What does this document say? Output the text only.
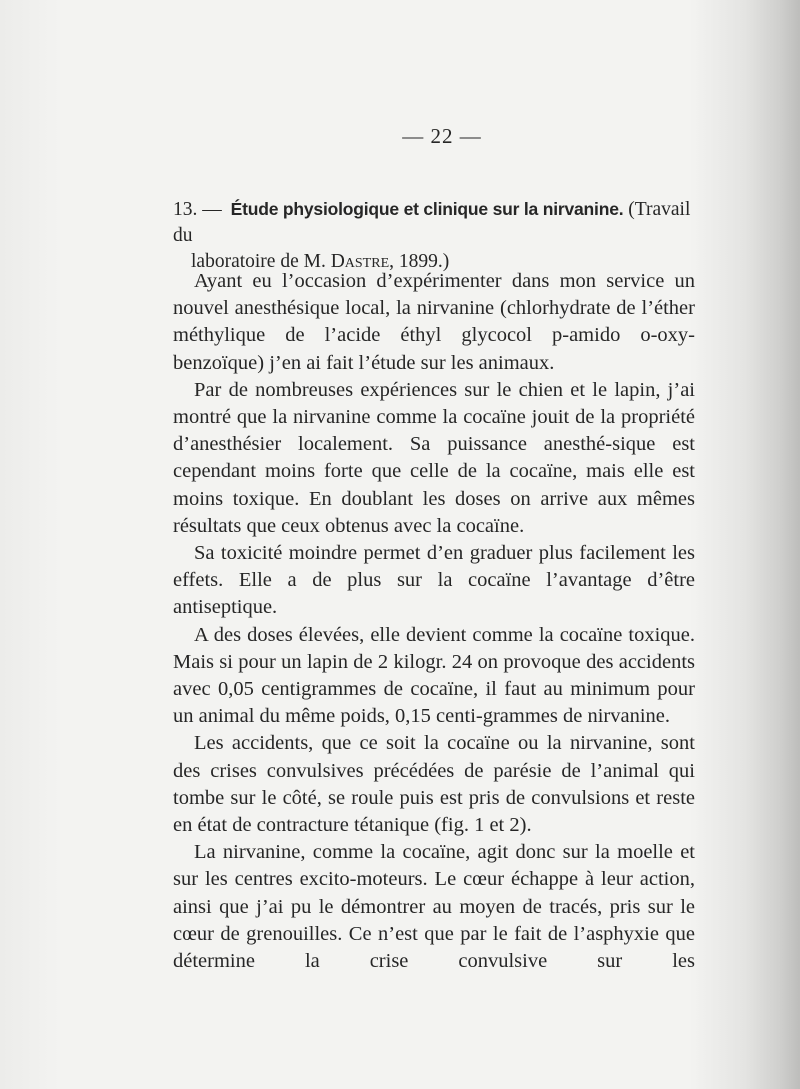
— 22 —
13. — Étude physiologique et clinique sur la nirvanine. (Travail du
laboratoire de M. Dastre, 1899.)

Ayant eu l’occasion d’expérimenter dans mon service un nouvel anesthésique local, la nirvanine (chlorhydrate de l’éther méthylique de l’acide éthyl glycocol p-amido o-oxy-benzoïque) j’en ai fait l’étude sur les animaux.

Par de nombreuses expériences sur le chien et le lapin, j’ai montré que la nirvanine comme la cocaïne jouit de la propriété d’anesthésier localement. Sa puissance anesthé-sique est cependant moins forte que celle de la cocaïne, mais elle est moins toxique. En doublant les doses on arrive aux mêmes résultats que ceux obtenus avec la cocaïne.

Sa toxicité moindre permet d’en graduer plus facilement les effets. Elle a de plus sur la cocaïne l’avantage d’être antiseptique.

A des doses élevées, elle devient comme la cocaïne toxique. Mais si pour un lapin de 2 kilogr. 24 on provoque des accidents avec 0,05 centigrammes de cocaïne, il faut au minimum pour un animal du même poids, 0,15 centi-grammes de nirvanine.

Les accidents, que ce soit la cocaïne ou la nirvanine, sont des crises convulsives précédées de parésie de l’animal qui tombe sur le côté, se roule puis est pris de convulsions et reste en état de contracture tétanique (fig. 1 et 2).

La nirvanine, comme la cocaïne, agit donc sur la moelle et sur les centres excito-moteurs. Le cœur échappe à leur action, ainsi que j’ai pu le démontrer au moyen de tracés, pris sur le cœur de grenouilles. Ce n’est que par le fait de l’asphyxie que détermine la crise convulsive sur les
